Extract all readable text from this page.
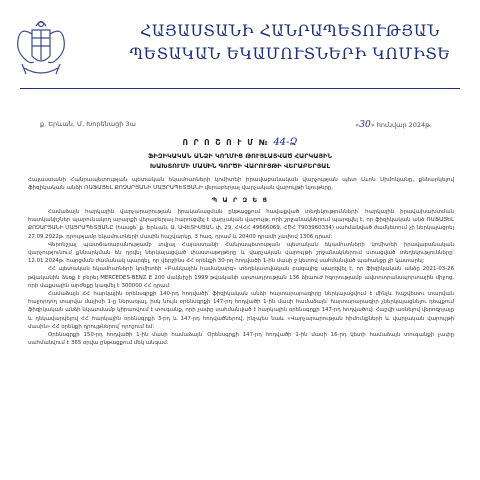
ՀԱՅԱՍՏԱՆԻ ՀԱՆՐԱՊԵՏՈՒԹՅԱՆ
ՊԵՏԱԿԱՆ ԵԿԱՄՈՒՏՆԵՐԻ ԿՈՄԻՏԵ
ք. Երևան, Մ. Խորենացի 3ա	«30» հունվար 2024թ.
Ո Ր Ո Շ Ո Ւ Մ № 44-Ձ
ՖԻԶԻԿԱԿԱՆ ԱՆՁԻ ԿՈՂՄԻՑ ԹՈՒՅԼԱՏՎԱԾ ՀԱՐԿԱՅԻՆ
ԽԱԽՏՈՒՄԻ ՄԱՍԻՆ ԳՈՐԾԻ ՎԱՐՈՒՅԹԻ ՎԵՐԱԲԵՐՅԱԼ
Հայաստանի Հանրապետության պետական եկամուտների կոմիտեի իրավաբանական վարչության պետ Լևոն Սիմոնյանը, քննարկելով ֆիզիկական անձի ՌԱՖԱՅԵԼ ՔՈՉԱՐՅԱՆԻ ՄԱՅՐԱՊԵՏՅԱՆԻ վերաբերյալ վարչական վարույթի նյութերը,
Պ Ա Ր Զ Ե Ց

Համաձայն հարկային վարչարարության իրականացման ընթացքում հավաքված տեղեկությունների՝ հարկային իրավախախտման հատկանիշներ պարունակող արարքի վերաբերյալ հարուցվել է վարչական վարույթ, որի շրջանակներում պարզվել է, որ ֆիզիկական անձ ՌԱՖԱՅԵԼ ՔՈՉԱՐՅԱՆԻ ՄԱՅՐԱՊԵՏՅԱՆԸ (հասցե՝ ք. Երևան, Ա. ԱՎԵՏԻՍՅԱՆ փ. 29, ՀՎՀՀ 49666069, ՀԾՀ 7903960334) սահմանված ժամկետում չի ներկայացրել 27.09.2022թ. դրությամբ եկամուտների մասին հաշվարկը, 3 հազ. դրամ և 20400 դրամի չափով 1306 դրամ:

Վերոնշյալ պատճառաբանությամբ տվյալ Հայաստանի Հանրապետության պետական եկամուտների կոմիտեի իրավաբանական վարչությունում քննարկման են դրվել ներկայացված փաստաթղթերը և վարչական վարույթի շրջանակներում ստացված տեղեկությունները՝ 12.01.2024թ. հարցման ժամանակ պարզել, որ վերջինս ՀՀ օրենքի 30-րդ հոդվածի 1-ին մասի ջ կետով սահմանված պահանջը չի կատարել:

ՀՀ պետական եկամուտների կոմիտեի «Բանկային համակարգ» տեղեկատվական բազայից պարզվել է, որ ֆիզիկական անձը 2021-03-26 թվականին ձեռք է բերել MERCEDES-BENZ E 200 մակնիշի 1999 թվականի արտադրության 136 ձիաուժ հզորությամբ ավտոտրանսպորտային միջոց, որի մաքսային արժեքը կազմել է 300000 ՀՀ դրամ:

Համաձայն ՀՀ հարկային օրենսգրքի 140-րդ հոդվածի՝ ֆիզիկական անձի հայտարարագիրը ներկայացվում է մինչև հաշվետու տարվան հաջորդող տարվա մայիսի 1-ը ներառյալ, իսկ նույն օրենսգրքի 147-րդ հոդվածի 1-ին մասի համաձայն՝ հայտարարագիր չներկայացնելու դեպքում ֆիզիկական անձի նկատմամբ կիրառվում է տուգանք, որի չափը սահմանված է հարկային օրենսգրքի 147-րդ հոդվածով: Հաշվի առնելով վերոգրյալը և ղեկավարվելով ՀՀ հարկային օրենսգրքի 3-րդ և 147-րդ հոդվածներով, ինչպես նաև «Վարչարարության հիմունքների և վարչական վարույթի մասին» ՀՀ օրենքի դրույթներով՝ որոշում եմ:

Օրենսգրքի 150-րդ հոդվածի 1-ին մասի համաձայն՝ Օրենսգրքի 147-րդ հոդվածի 1-ին մասի 16-րդ կետի համաձայն տուգանքի չափը սահմանվում է 365 օրվա ընթացքում մեկ անգամ:
